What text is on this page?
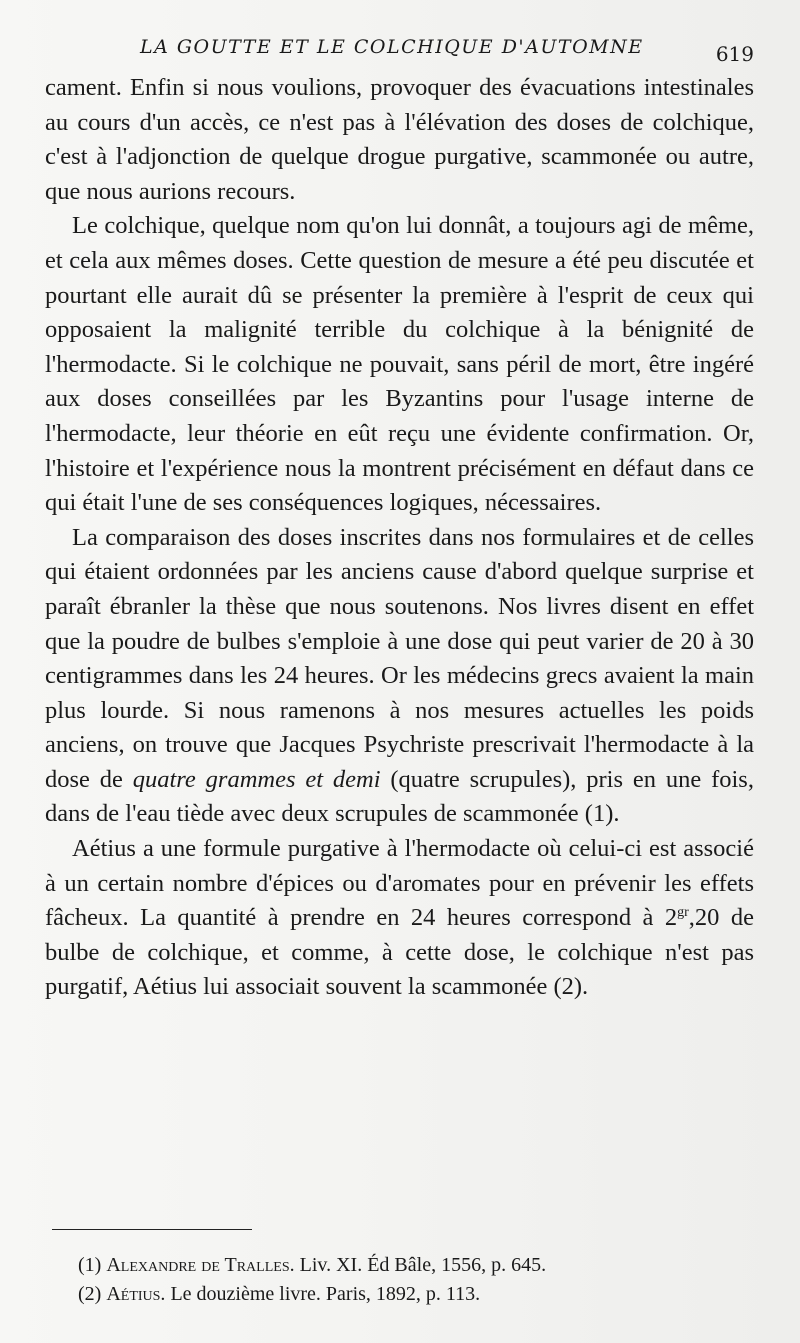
LA GOUTTE ET LE COLCHIQUE D'AUTOMNE	619

cament. Enfin si nous voulions, provoquer des évacuations intestinales au cours d'un accès, ce n'est pas à l'élévation des doses de colchique, c'est à l'adjonction de quelque drogue purgative, scammonée ou autre, que nous aurions recours.

Le colchique, quelque nom qu'on lui donnât, a toujours agi de même, et cela aux mêmes doses. Cette question de mesure a été peu discutée et pourtant elle aurait dû se présenter la première à l'esprit de ceux qui opposaient la malignité terrible du colchique à la bénignité de l'hermodacte. Si le colchique ne pouvait, sans péril de mort, être ingéré aux doses conseillées par les Byzantins pour l'usage interne de l'hermodacte, leur théorie en eût reçu une évidente confirmation. Or, l'histoire et l'expérience nous la montrent précisément en défaut dans ce qui était l'une de ses conséquences logiques, nécessaires.

La comparaison des doses inscrites dans nos formulaires et de celles qui étaient ordonnées par les anciens cause d'abord quelque surprise et paraît ébranler la thèse que nous soutenons. Nos livres disent en effet que la poudre de bulbes s'emploie à une dose qui peut varier de 20 à 30 centigrammes dans les 24 heures. Or les médecins grecs avaient la main plus lourde. Si nous ramenons à nos mesures actuelles les poids anciens, on trouve que Jacques Psychriste prescrivait l'hermodacte à la dose de quatre grammes et demi (quatre scrupules), pris en une fois, dans de l'eau tiède avec deux scrupules de scammonée (1).

Aétius a une formule purgative à l'hermodacte où celui-ci est associé à un certain nombre d'épices ou d'aromates pour en prévenir les effets fâcheux. La quantité à prendre en 24 heures correspond à $2^{gr},20$ de bulbe de colchique, et comme, à cette dose, le colchique n'est pas purgatif, Aétius lui associait souvent la scammonée (2).

(1) Alexandre de Tralles. Liv. XI. Éd Bâle, 1556, p. 645.
(2) Aétius. Le douzième livre. Paris, 1892, p. 113.
